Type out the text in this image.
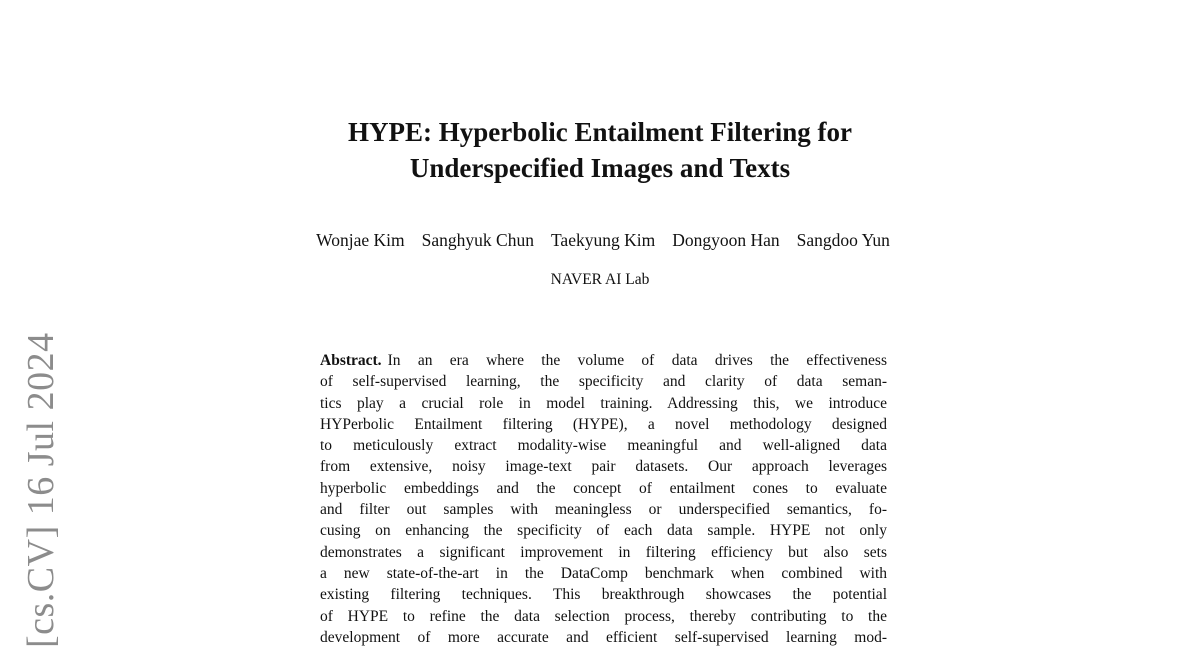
[cs.CV] 16 Jul 2024
HYPE: Hyperbolic Entailment Filtering for
Underspecified Images and Texts
Wonjae Kim Sanghyuk Chun Taekyung Kim Dongyoon Han Sangdoo Yun
NAVER AI Lab
Abstract. In an era where the volume of data drives the effectiveness
of self-supervised learning, the specificity and clarity of data seman-
tics play a crucial role in model training. Addressing this, we introduce
HYPerbolic Entailment filtering (HYPE), a novel methodology designed
to meticulously extract modality-wise meaningful and well-aligned data
from extensive, noisy image-text pair datasets. Our approach leverages
hyperbolic embeddings and the concept of entailment cones to evaluate
and filter out samples with meaningless or underspecified semantics, fo-
cusing on enhancing the specificity of each data sample. HYPE not only
demonstrates a significant improvement in filtering efficiency but also sets
a new state-of-the-art in the DataComp benchmark when combined with
existing filtering techniques. This breakthrough showcases the potential
of HYPE to refine the data selection process, thereby contributing to the
development of more accurate and efficient self-supervised learning mod-
